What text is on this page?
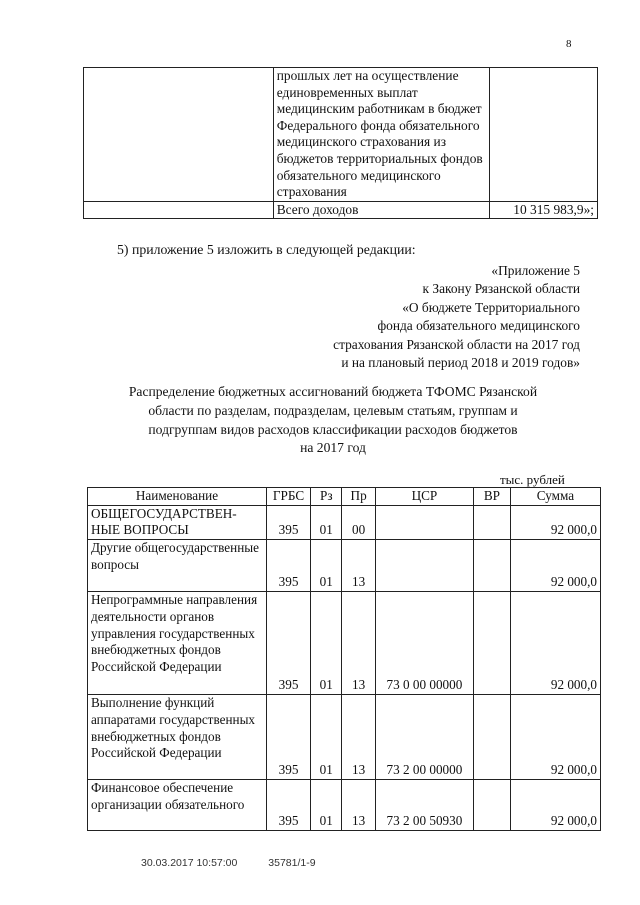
8
	прошлых лет на осуществление единовременных выплат медицинским работникам в бюджет Федерального фонда обязательного медицинского страхования из бюджетов территориальных фондов обязательного медицинского страхования	
	Всего доходов	10 315 983,9»;
5) приложение 5 изложить в следующей редакции:
«Приложение 5
к Закону Рязанской области
«О бюджете Территориального
фонда обязательного медицинского
страхования Рязанской области на 2017 год
и на плановый период 2018 и 2019 годов»
Распределение бюджетных ассигнований бюджета ТФОМС Рязанской
области по разделам, подразделам, целевым статьям, группам и
подгруппам видов расходов классификации расходов бюджетов
на 2017 год
тыс. рублей
Наименование	ГРБС	Рз	Пр	ЦСР	ВР	Сумма
ОБЩЕГОСУДАРСТВЕН-НЫЕ ВОПРОСЫ	395	01	00			92 000,0
Другие общегосударственные вопросы	395	01	13			92 000,0
Непрограммные направления деятельности органов управления государственных внебюджетных фондов Российской Федерации	395	01	13	73 0 00 00000		92 000,0
Выполнение функций аппаратами государственных внебюджетных фондов Российской Федерации	395	01	13	73 2 00 00000		92 000,0
Финансовое обеспечение организации обязательного	395	01	13	73 2 00 50930		92 000,0
30.03.2017 10:57:00	35781/1-9
